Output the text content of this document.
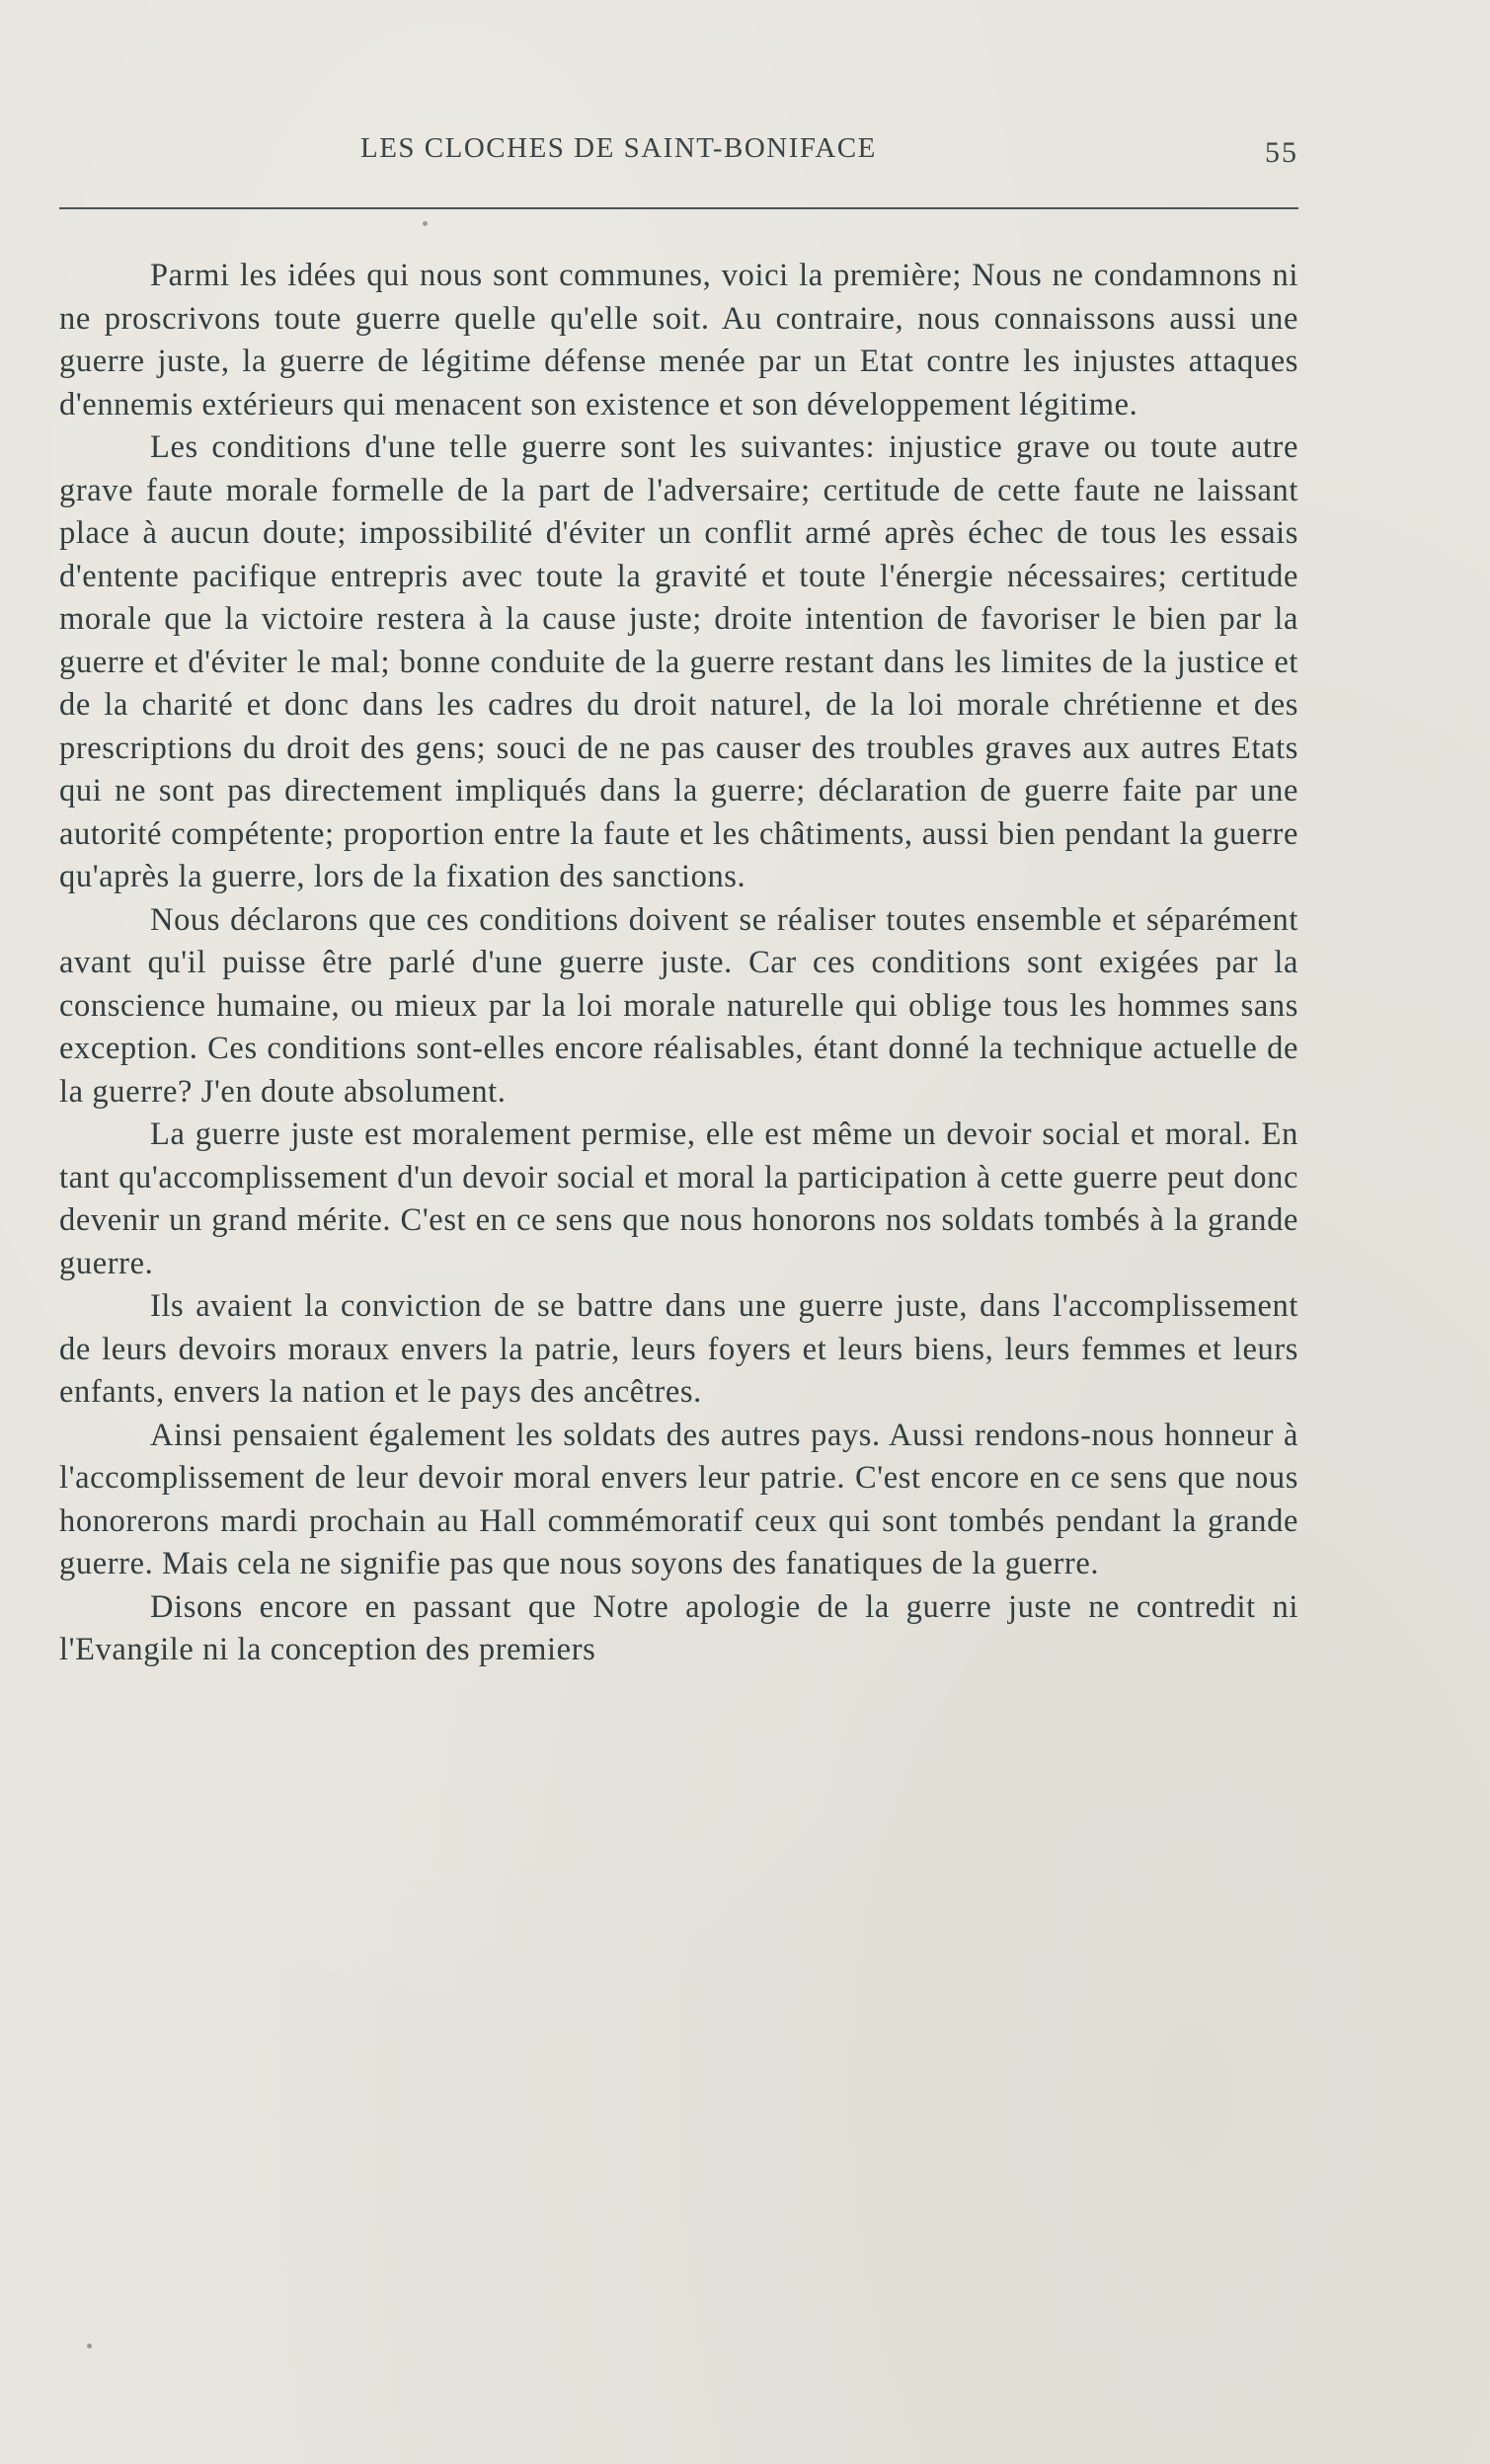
LES CLOCHES DE SAINT-BONIFACE	55

Parmi les idées qui nous sont communes, voici la première; Nous ne condamnons ni ne proscrivons toute guerre quelle qu'elle soit. Au contraire, nous connaissons aussi une guerre juste, la guerre de légitime défense menée par un Etat contre les injustes attaques d'ennemis extérieurs qui menacent son existence et son développement légitime.

Les conditions d'une telle guerre sont les suivantes: injustice grave ou toute autre grave faute morale formelle de la part de l'adversaire; certitude de cette faute ne laissant place à aucun doute; impossibilité d'éviter un conflit armé après échec de tous les essais d'entente pacifique entrepris avec toute la gravité et toute l'énergie nécessaires; certitude morale que la victoire restera à la cause juste; droite intention de favoriser le bien par la guerre et d'éviter le mal; bonne conduite de la guerre restant dans les limites de la justice et de la charité et donc dans les cadres du droit naturel, de la loi morale chrétienne et des prescriptions du droit des gens; souci de ne pas causer des troubles graves aux autres Etats qui ne sont pas directement impliqués dans la guerre; déclaration de guerre faite par une autorité compétente; proportion entre la faute et les châtiments, aussi bien pendant la guerre qu'après la guerre, lors de la fixation des sanctions.

Nous déclarons que ces conditions doivent se réaliser toutes ensemble et séparément avant qu'il puisse être parlé d'une guerre juste. Car ces conditions sont exigées par la conscience humaine, ou mieux par la loi morale naturelle qui oblige tous les hommes sans exception. Ces conditions sont-elles encore réalisables, étant donné la technique actuelle de la guerre? J'en doute absolument.

La guerre juste est moralement permise, elle est même un devoir social et moral. En tant qu'accomplissement d'un devoir social et moral la participation à cette guerre peut donc devenir un grand mérite. C'est en ce sens que nous honorons nos soldats tombés à la grande guerre.

Ils avaient la conviction de se battre dans une guerre juste, dans l'accomplissement de leurs devoirs moraux envers la patrie, leurs foyers et leurs biens, leurs femmes et leurs enfants, envers la nation et le pays des ancêtres.

Ainsi pensaient également les soldats des autres pays. Aussi rendons-nous honneur à l'accomplissement de leur devoir moral envers leur patrie. C'est encore en ce sens que nous honorerons mardi prochain au Hall commémoratif ceux qui sont tombés pendant la grande guerre. Mais cela ne signifie pas que nous soyons des fanatiques de la guerre.

Disons encore en passant que Notre apologie de la guerre juste ne contredit ni l'Evangile ni la conception des premiers
